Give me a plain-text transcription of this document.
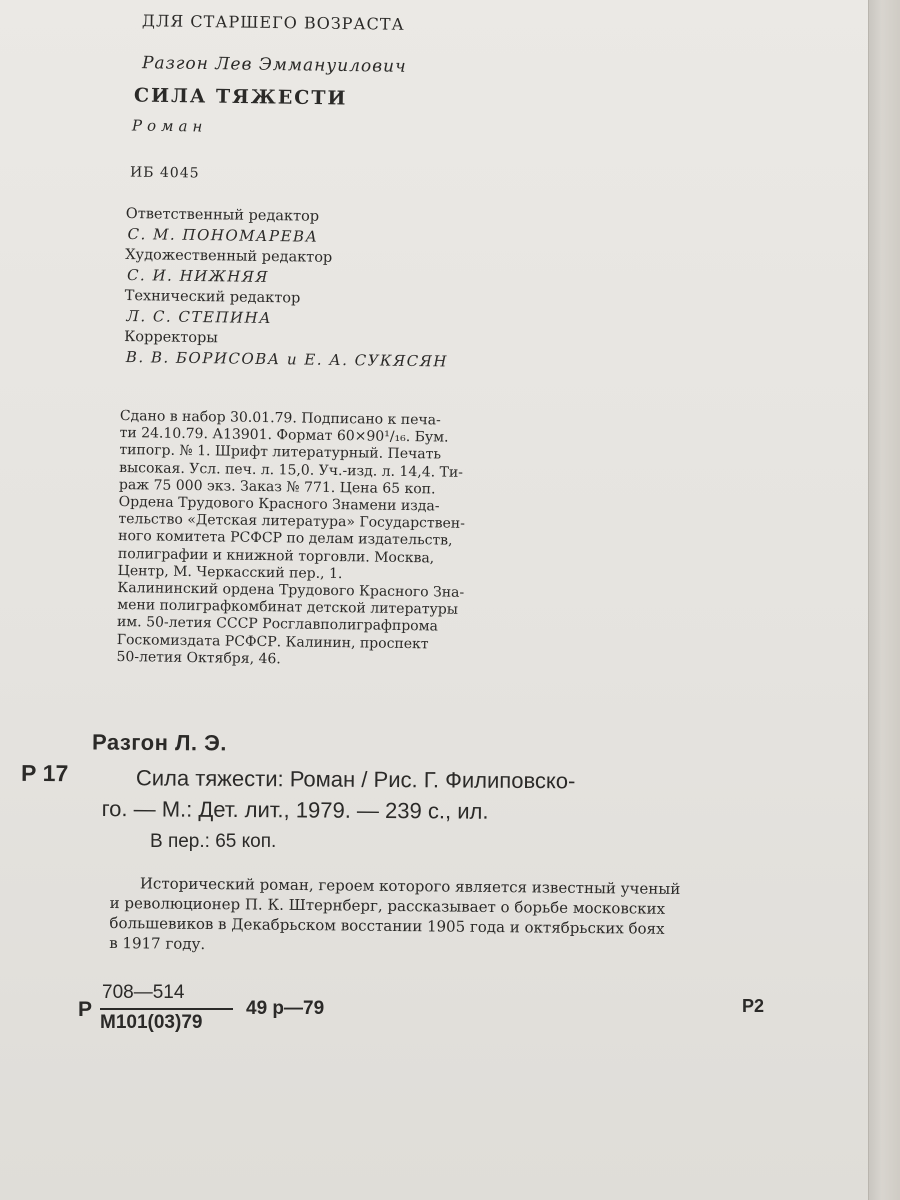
ДЛЯ СТАРШЕГО ВОЗРАСТА
Разгон Лев Эммануилович
СИЛА ТЯЖЕСТИ
Роман
ИБ 4045
Ответственный редактор
С. М. ПОНОМАРЕВА
Художественный редактор
С. И. НИЖНЯЯ
Технический редактор
Л. С. СТЕПИНА
Корректоры
В. В. БОРИСОВА и Е. А. СУКЯСЯН
Сдано в набор 30.01.79. Подписано к печа-
ти 24.10.79. А13901. Формат 60×90¹/₁₆. Бум.
типогр. № 1. Шрифт литературный. Печать
высокая. Усл. печ. л. 15,0. Уч.-изд. л. 14,4. Ти-
раж 75 000 экз. Заказ № 771. Цена 65 коп.
Ордена Трудового Красного Знамени изда-
тельство «Детская литература» Государствен-
ного комитета РСФСР по делам издательств,
полиграфии и книжной торговли. Москва,
Центр, М. Черкасский пер., 1.
Калининский ордена Трудового Красного Зна-
мени полиграфкомбинат детской литературы
им. 50-летия СССР Росглавполиграфпрома
Госкомиздата РСФСР. Калинин, проспект
50-летия Октября, 46.
Разгон Л. Э.
Р 17	Сила тяжести: Роман / Рис. Г. Филиповско-
го. — М.: Дет. лит., 1979. — 239 с., ил.
В пер.: 65 коп.
Исторический роман, героем которого является известный ученый
и революционер П. К. Штернберг, рассказывает о борьбе московских
большевиков в Декабрьском восстании 1905 года и октябрьских боях
в 1917 году.
Р
708—514
М101(03)79
49 р—79	Р2
